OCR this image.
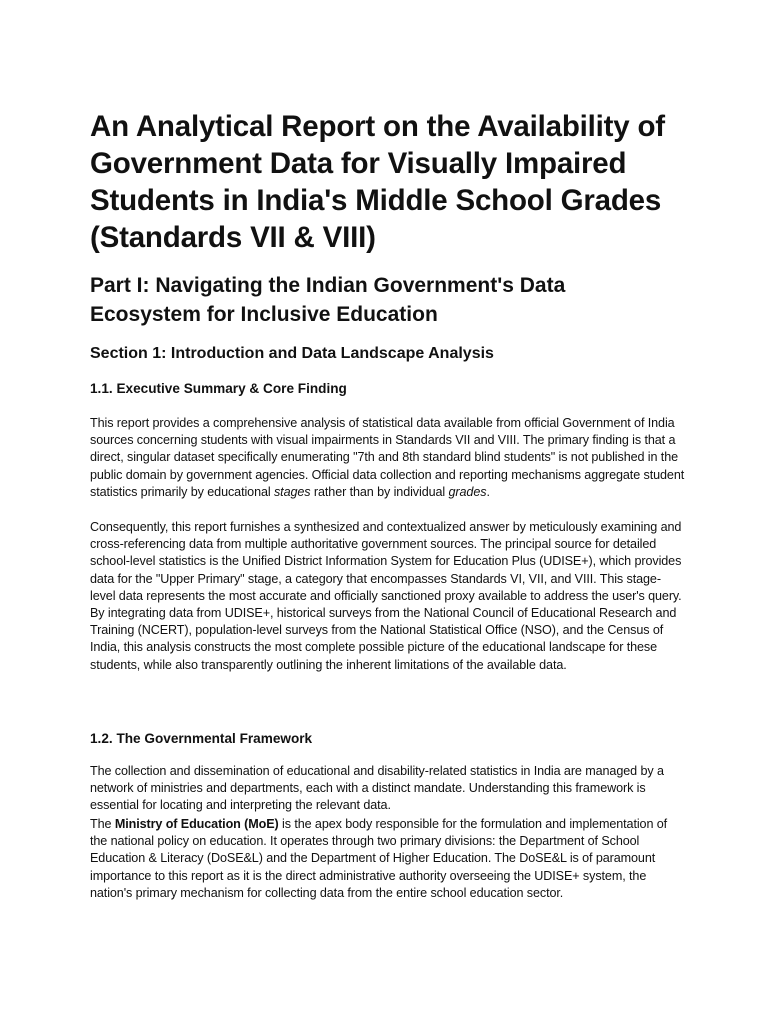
An Analytical Report on the Availability of Government Data for Visually Impaired Students in India's Middle School Grades (Standards VII & VIII)
Part I: Navigating the Indian Government's Data Ecosystem for Inclusive Education
Section 1: Introduction and Data Landscape Analysis
1.1. Executive Summary & Core Finding

This report provides a comprehensive analysis of statistical data available from official Government of India sources concerning students with visual impairments in Standards VII and VIII. The primary finding is that a direct, singular dataset specifically enumerating "7th and 8th standard blind students" is not published in the public domain by government agencies. Official data collection and reporting mechanisms aggregate student statistics primarily by educational stages rather than by individual grades.

Consequently, this report furnishes a synthesized and contextualized answer by meticulously examining and cross-referencing data from multiple authoritative government sources. The principal source for detailed school-level statistics is the Unified District Information System for Education Plus (UDISE+), which provides data for the "Upper Primary" stage, a category that encompasses Standards VI, VII, and VIII. This stage-level data represents the most accurate and officially sanctioned proxy available to address the user's query. By integrating data from UDISE+, historical surveys from the National Council of Educational Research and Training (NCERT), population-level surveys from the National Statistical Office (NSO), and the Census of India, this analysis constructs the most complete possible picture of the educational landscape for these students, while also transparently outlining the inherent limitations of the available data.

1.2. The Governmental Framework

The collection and dissemination of educational and disability-related statistics in India are managed by a network of ministries and departments, each with a distinct mandate. Understanding this framework is essential for locating and interpreting the relevant data.

The Ministry of Education (MoE) is the apex body responsible for the formulation and implementation of the national policy on education. It operates through two primary divisions: the Department of School Education & Literacy (DoSE&L) and the Department of Higher Education. The DoSE&L is of paramount importance to this report as it is the direct administrative authority overseeing the UDISE+ system, the nation's primary mechanism for collecting data from the entire school education sector.
